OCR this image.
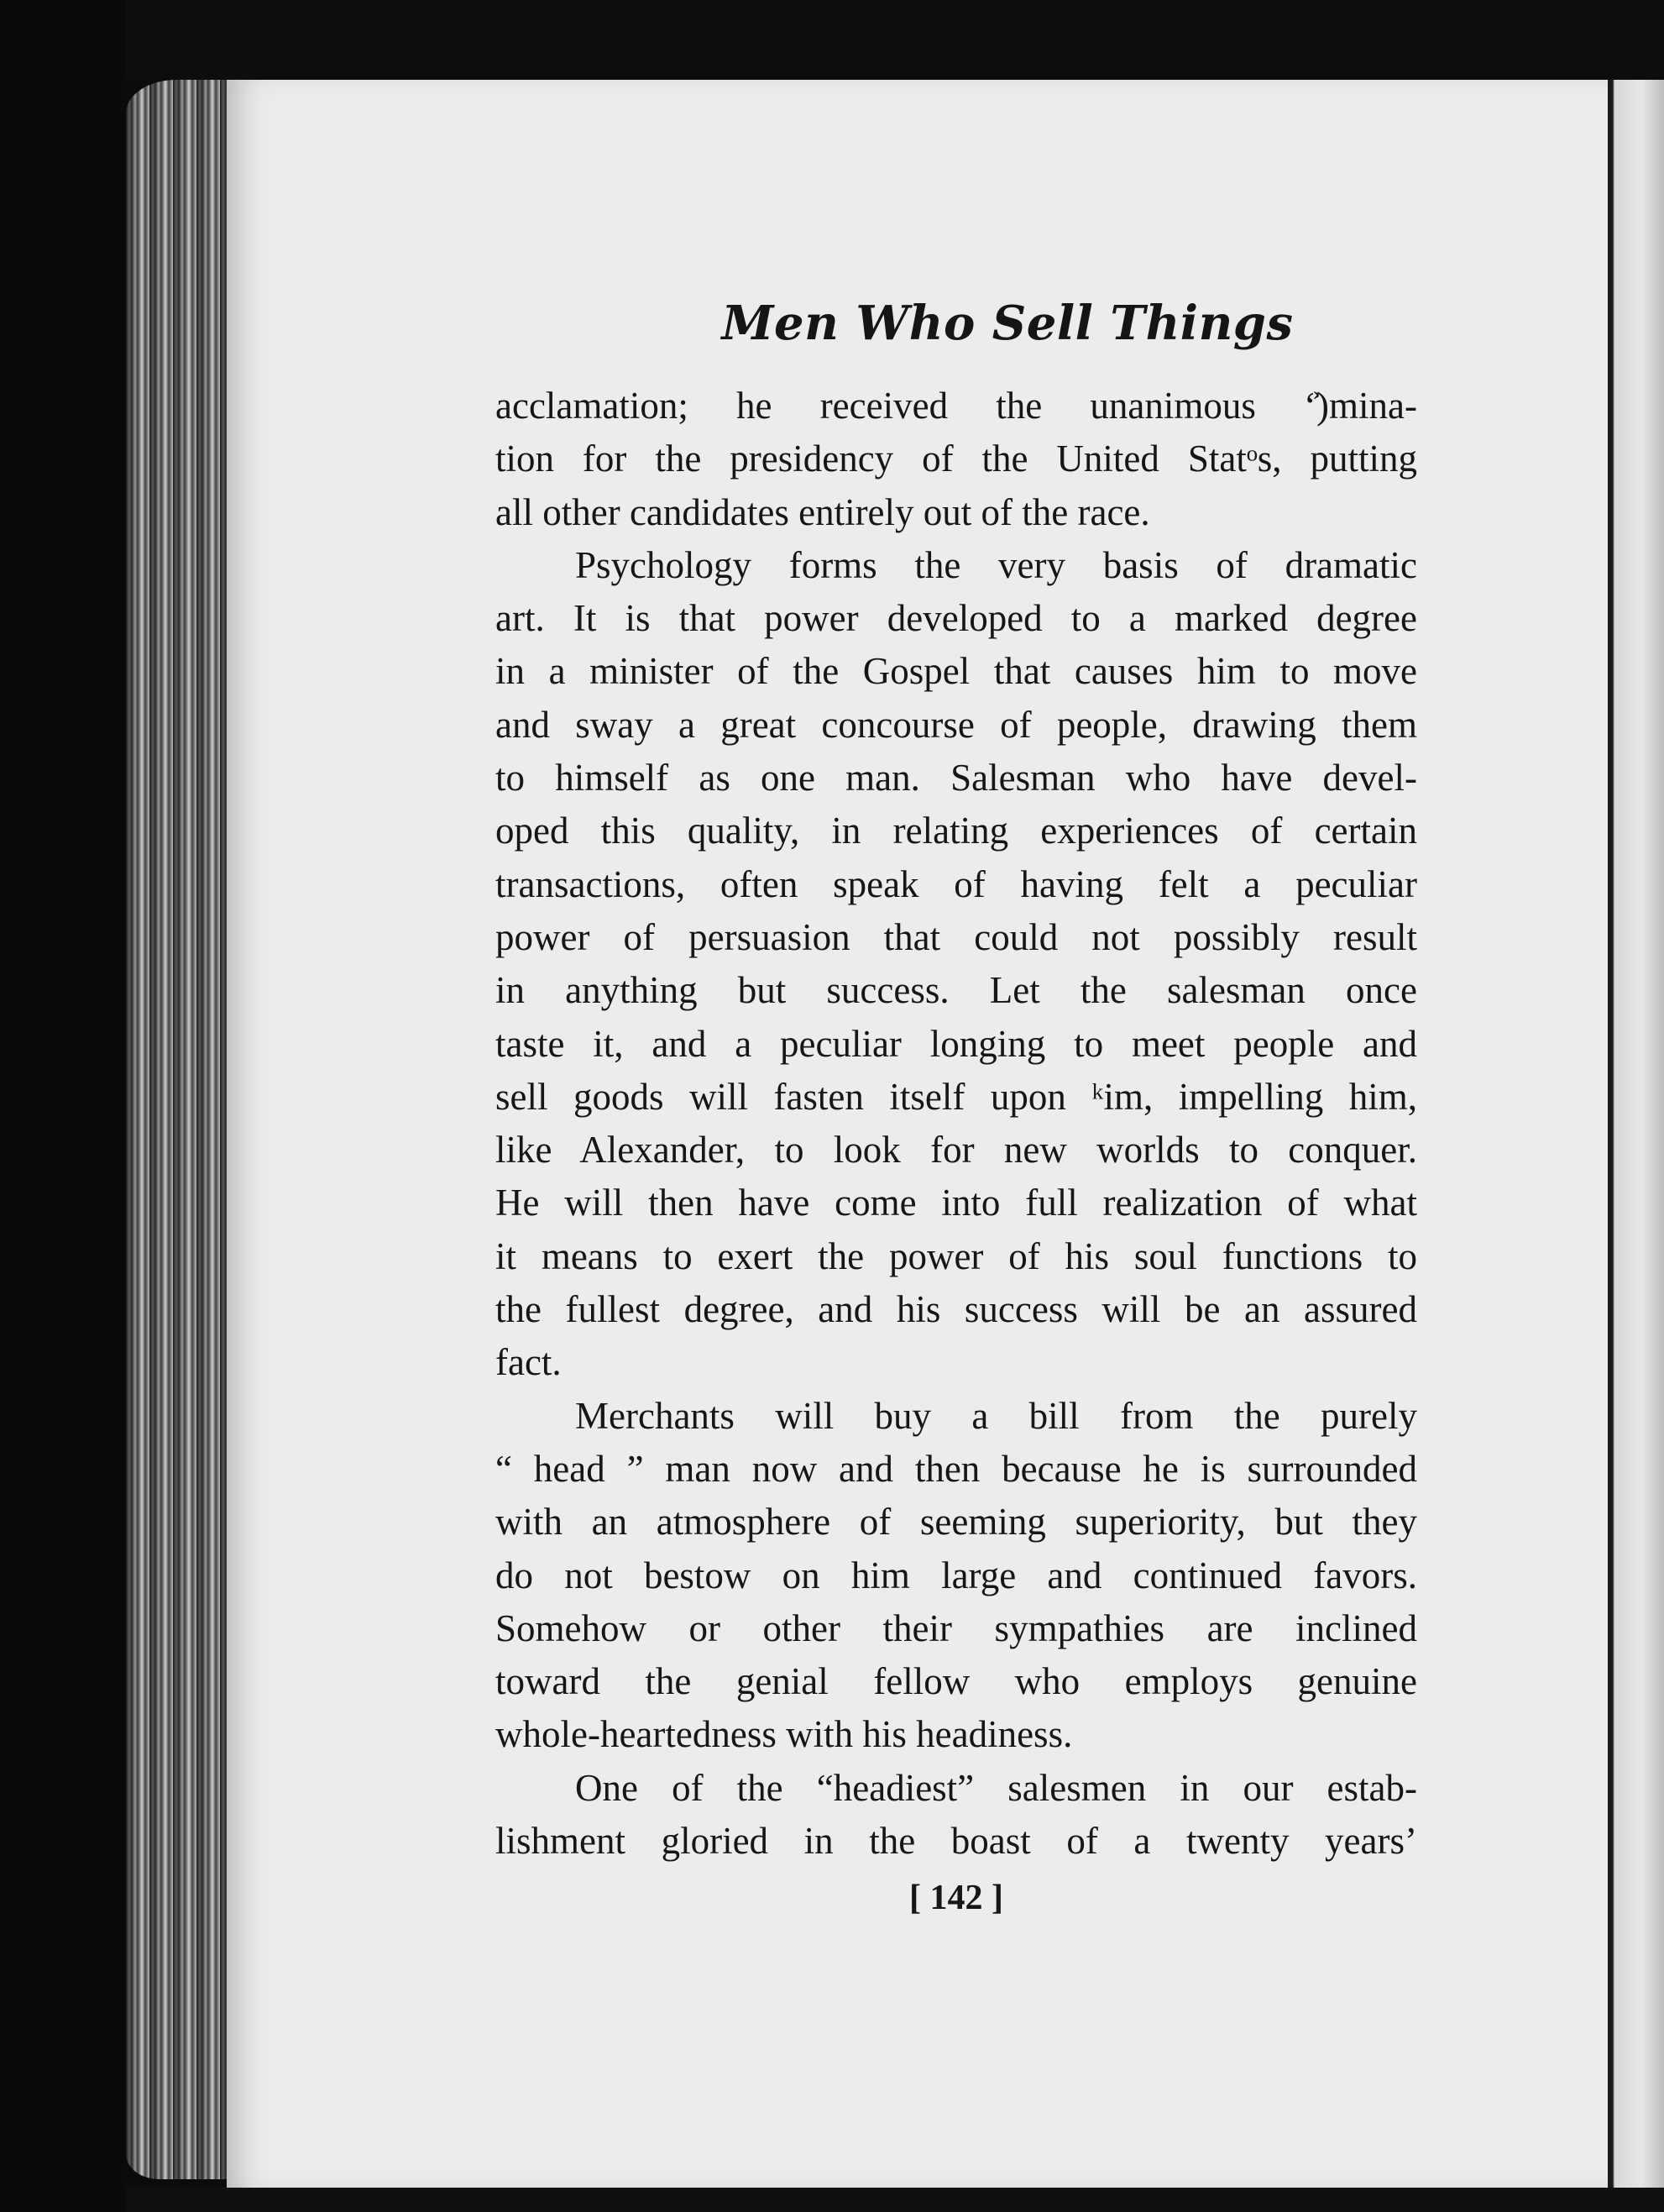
Men Who Sell Things
acclamation; he received the unanimous ʻ͐)mina-
tion for the presidency of the United Statᵒs, putting
all other candidates entirely out of the race.
Psychology forms the very basis of dramatic
art. It is that power developed to a marked degree
in a minister of the Gospel that causes him to move
and sway a great concourse of people, drawing them
to himself as one man. Salesman who have devel-
oped this quality, in relating experiences of certain
transactions, often speak of having felt a peculiar
power of persuasion that could not possibly result
in anything but success. Let the salesman once
taste it, and a peculiar longing to meet people and
sell goods will fasten itself upon ᵏim, impelling him,
like Alexander, to look for new worlds to conquer.
He will then have come into full realization of what
it means to exert the power of his soul functions to
the fullest degree, and his success will be an assured
fact.
Merchants will buy a bill from the purely
“ head ” man now and then because he is surrounded
with an atmosphere of seeming superiority, but they
do not bestow on him large and continued favors.
Somehow or other their sympathies are inclined
toward the genial fellow who employs genuine
whole-heartedness with his headiness.
One of the “headiest” salesmen in our estab-
lishment gloried in the boast of a twenty years’
[ 142 ]
